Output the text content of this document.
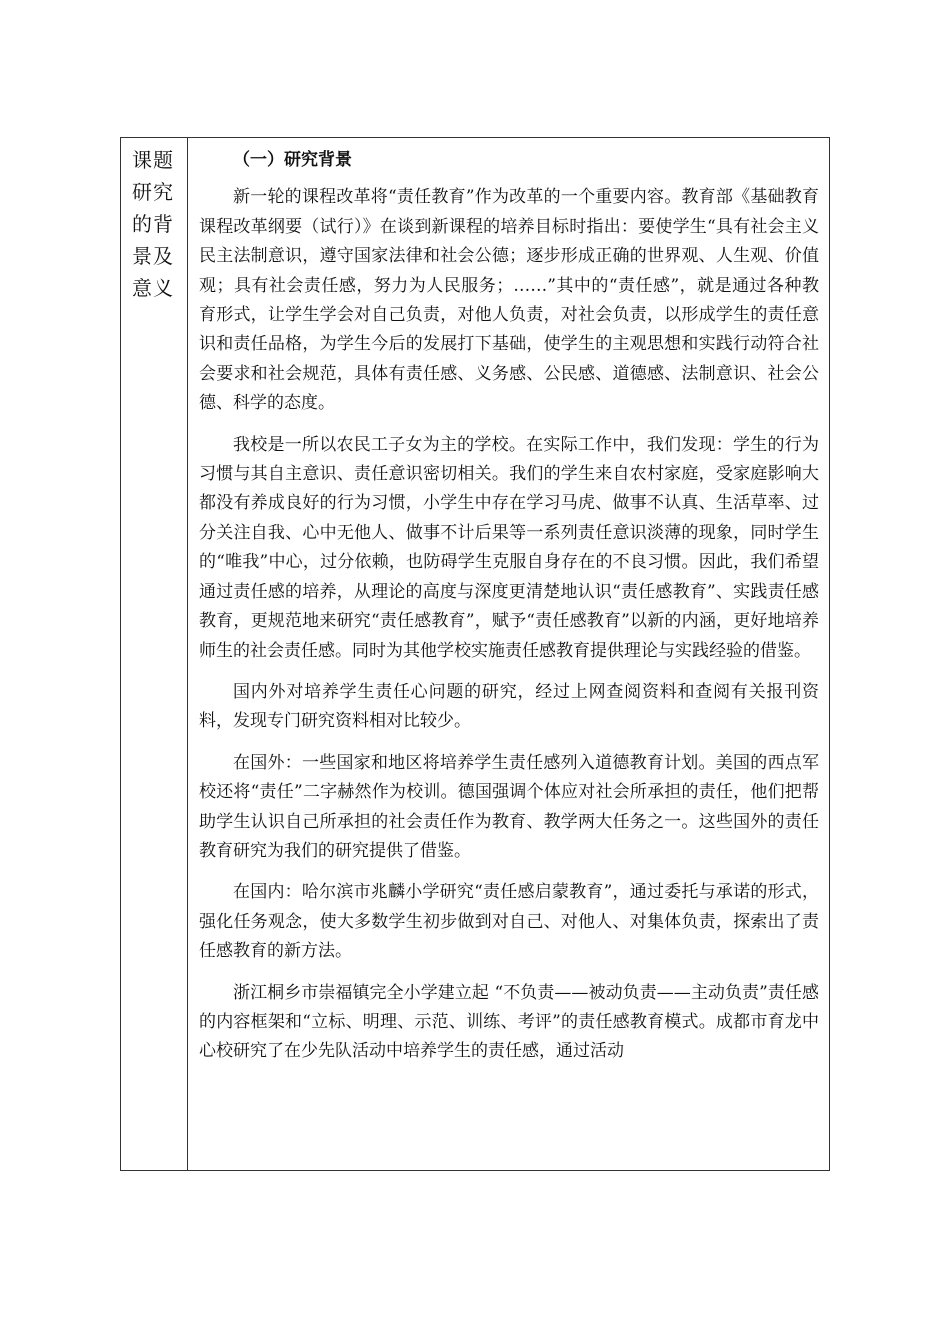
课题研究的背景及意义

（一）研究背景

新一轮的课程改革将“责任教育”作为改革的一个重要内容。教育部《基础教育课程改革纲要（试行）》在谈到新课程的培养目标时指出：要使学生“具有社会主义民主法制意识，遵守国家法律和社会公德；逐步形成正确的世界观、人生观、价值观；具有社会责任感，努力为人民服务；……”其中的“责任感”，就是通过各种教育形式，让学生学会对自己负责，对他人负责，对社会负责，以形成学生的责任意识和责任品格，为学生今后的发展打下基础，使学生的主观思想和实践行动符合社会要求和社会规范，具体有责任感、义务感、公民感、道德感、法制意识、社会公德、科学的态度。

我校是一所以农民工子女为主的学校。在实际工作中，我们发现：学生的行为习惯与其自主意识、责任意识密切相关。我们的学生来自农村家庭，受家庭影响大都没有养成良好的行为习惯，小学生中存在学习马虎、做事不认真、生活草率、过分关注自我、心中无他人、做事不计后果等一系列责任意识淡薄的现象，同时学生的“唯我”中心，过分依赖，也防碍学生克服自身存在的不良习惯。因此，我们希望通过责任感的培养，从理论的高度与深度更清楚地认识“责任感教育”、实践责任感教育，更规范地来研究“责任感教育”，赋予“责任感教育”以新的内涵，更好地培养师生的社会责任感。同时为其他学校实施责任感教育提供理论与实践经验的借鉴。

国内外对培养学生责任心问题的研究，经过上网查阅资料和查阅有关报刊资料，发现专门研究资料相对比较少。

在国外：一些国家和地区将培养学生责任感列入道德教育计划。美国的西点军校还将“责任”二字赫然作为校训。德国强调个体应对社会所承担的责任，他们把帮助学生认识自己所承担的社会责任作为教育、教学两大任务之一。这些国外的责任教育研究为我们的研究提供了借鉴。

在国内：哈尔滨市兆麟小学研究“责任感启蒙教育”，通过委托与承诺的形式，强化任务观念，使大多数学生初步做到对自己、对他人、对集体负责，探索出了责任感教育的新方法。

浙江桐乡市崇福镇完全小学建立起 “不负责——被动负责——主动负责”责任感的内容框架和“立标、明理、示范、训练、考评”的责任感教育模式。成都市育龙中心校研究了在少先队活动中培养学生的责任感，通过活动
